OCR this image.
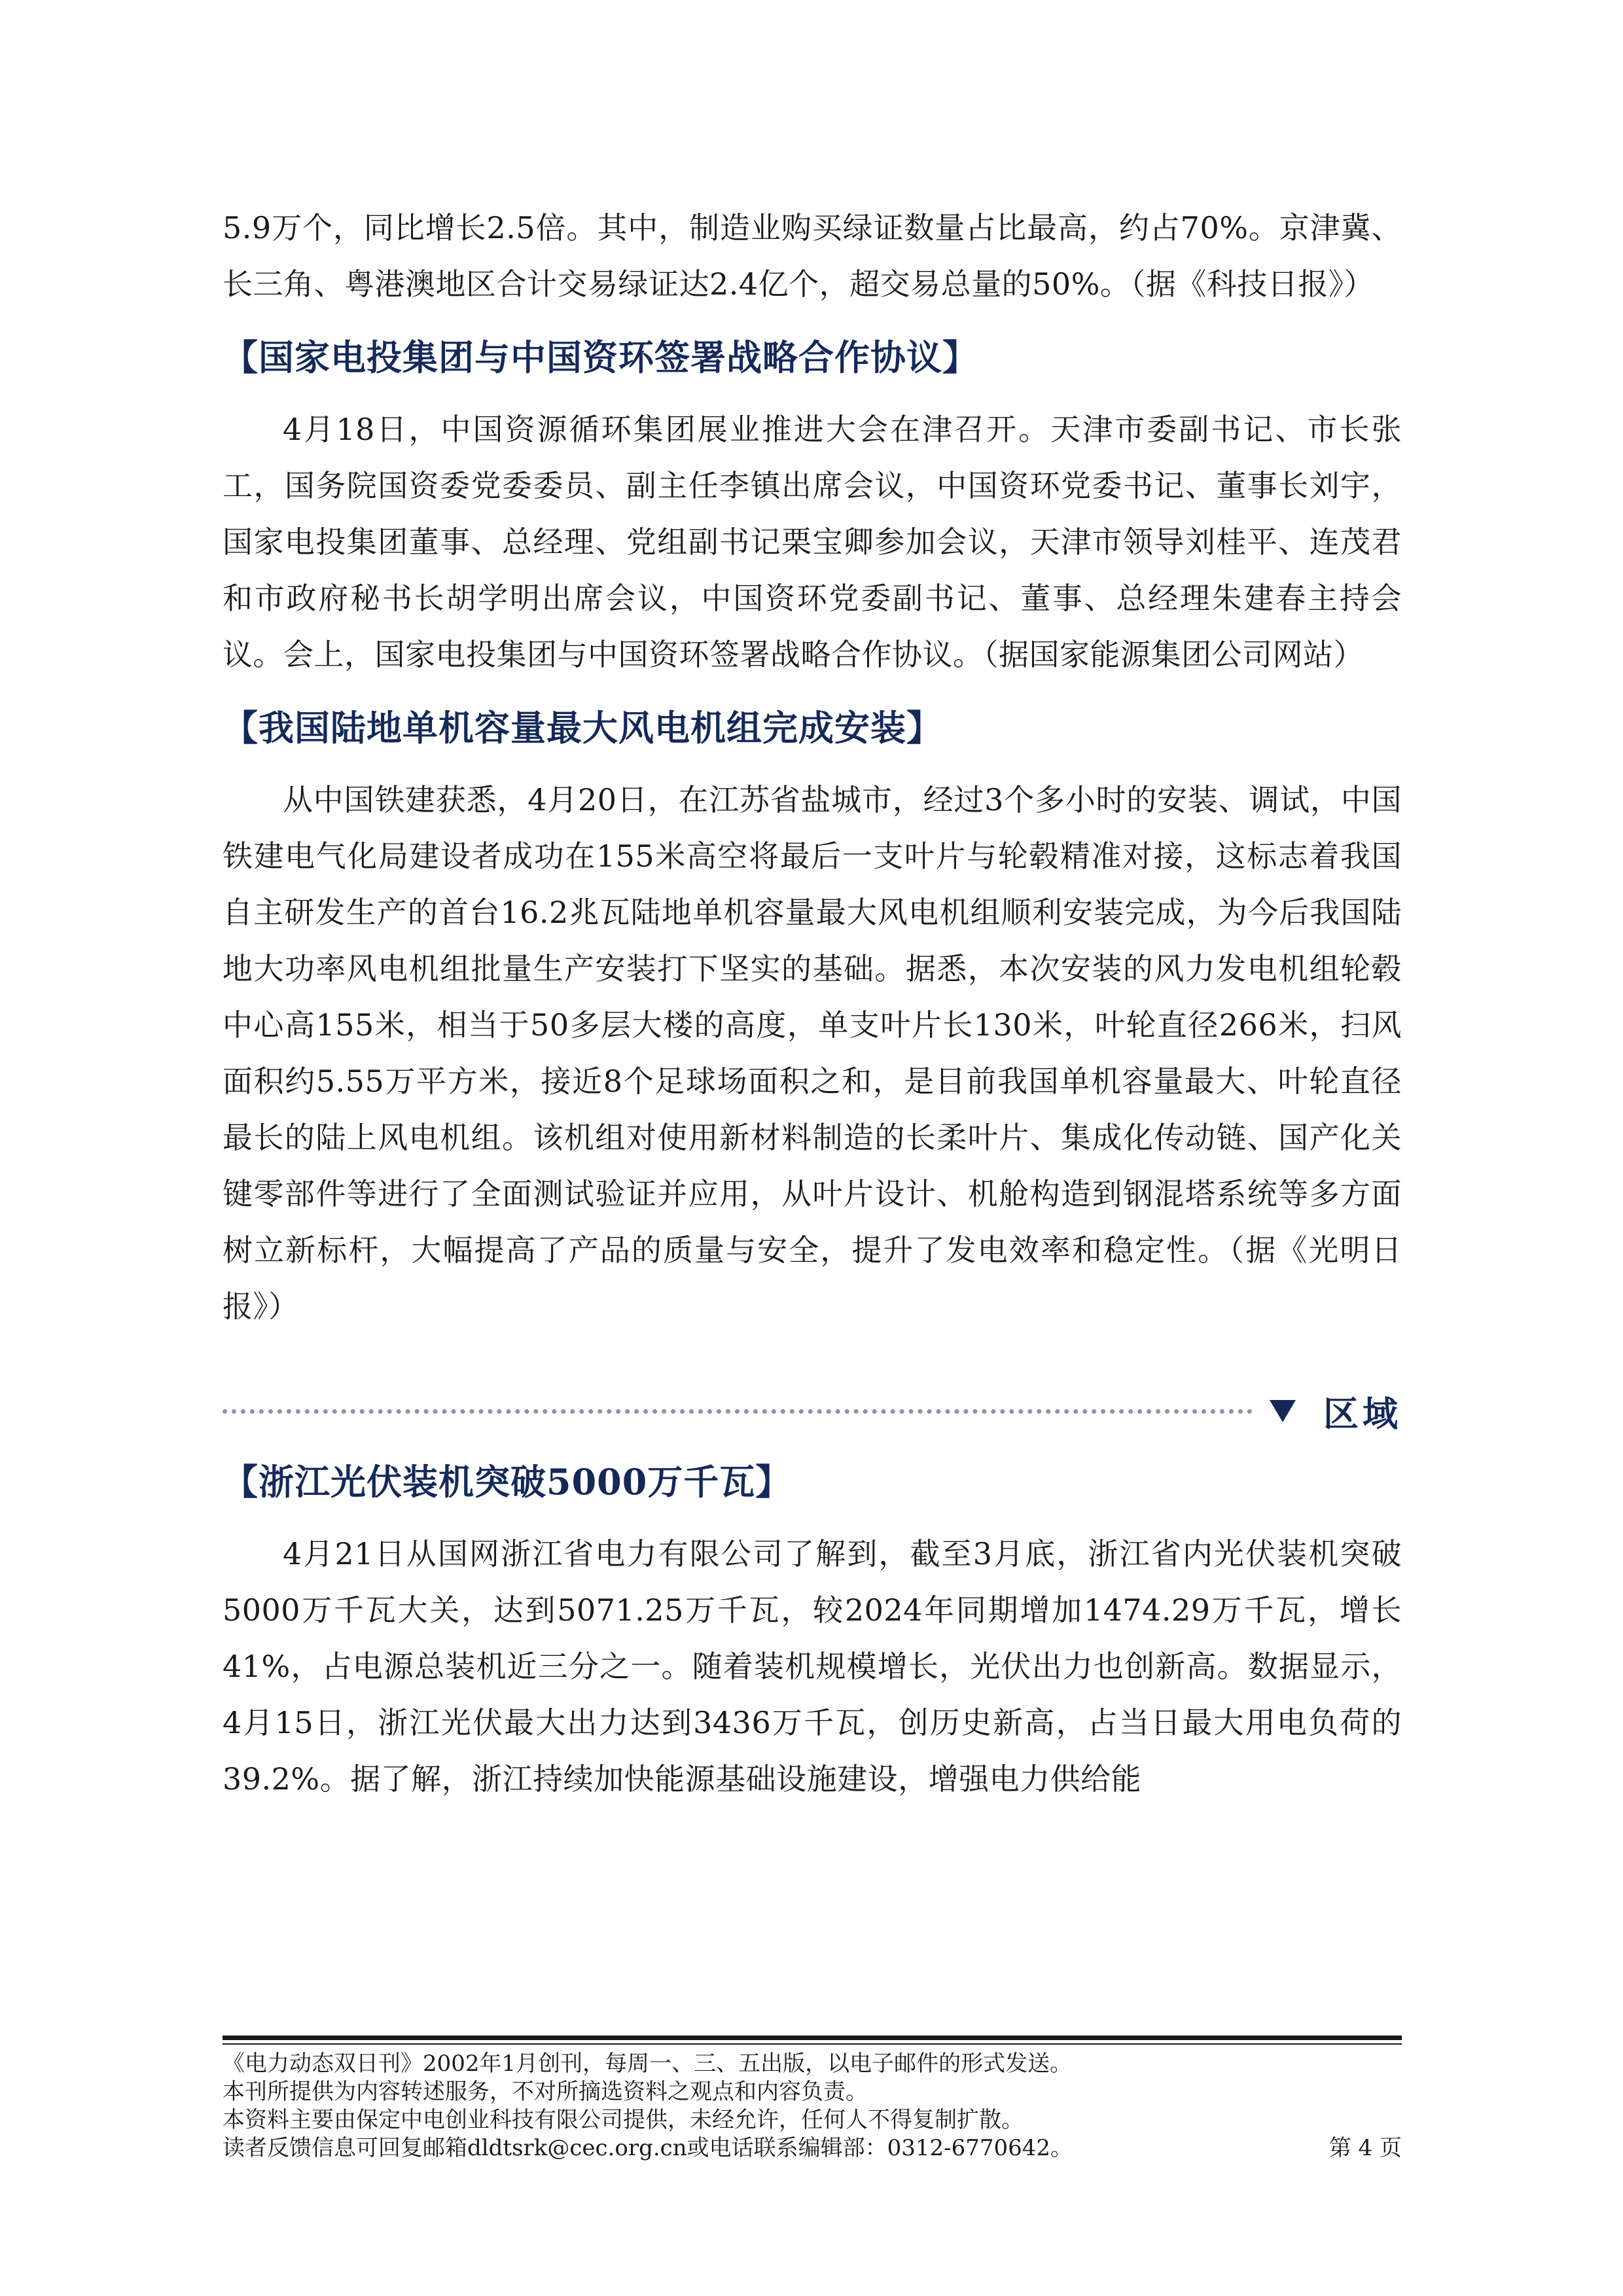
5.9万个，同比增长2.5倍。其中，制造业购买绿证数量占比最高，约占70%。京津冀、长三角、粤港澳地区合计交易绿证达2.4亿个，超交易总量的50%。（据《科技日报》）

【国家电投集团与中国资环签署战略合作协议】

4月18日，中国资源循环集团展业推进大会在津召开。天津市委副书记、市长张工，国务院国资委党委委员、副主任李镇出席会议，中国资环党委书记、董事长刘宇，国家电投集团董事、总经理、党组副书记栗宝卿参加会议，天津市领导刘桂平、连茂君和市政府秘书长胡学明出席会议，中国资环党委副书记、董事、总经理朱建春主持会议。会上，国家电投集团与中国资环签署战略合作协议。（据国家能源集团公司网站）

【我国陆地单机容量最大风电机组完成安装】

从中国铁建获悉，4月20日，在江苏省盐城市，经过3个多小时的安装、调试，中国铁建电气化局建设者成功在155米高空将最后一支叶片与轮毂精准对接，这标志着我国自主研发生产的首台16.2兆瓦陆地单机容量最大风电机组顺利安装完成，为今后我国陆地大功率风电机组批量生产安装打下坚实的基础。据悉，本次安装的风力发电机组轮毂中心高155米，相当于50多层大楼的高度，单支叶片长130米，叶轮直径266米，扫风面积约5.55万平方米，接近8个足球场面积之和，是目前我国单机容量最大、叶轮直径最长的陆上风电机组。该机组对使用新材料制造的长柔叶片、集成化传动链、国产化关键零部件等进行了全面测试验证并应用，从叶片设计、机舱构造到钢混塔系统等多方面树立新标杆，大幅提高了产品的质量与安全，提升了发电效率和稳定性。（据《光明日报》）

区域
【浙江光伏装机突破5000万千瓦】

4月21日从国网浙江省电力有限公司了解到，截至3月底，浙江省内光伏装机突破5000万千瓦大关，达到5071.25万千瓦，较2024年同期增加1474.29万千瓦，增长41%，占电源总装机近三分之一。随着装机规模增长，光伏出力也创新高。数据显示，4月15日，浙江光伏最大出力达到3436万千瓦，创历史新高，占当日最大用电负荷的39.2%。据了解，浙江持续加快能源基础设施建设，增强电力供给能

《电力动态双日刊》2002年1月创刊，每周一、三、五出版，以电子邮件的形式发送。
本刊所提供为内容转述服务，不对所摘选资料之观点和内容负责。
本资料主要由保定中电创业科技有限公司提供，未经允许，任何人不得复制扩散。
读者反馈信息可回复邮箱dldtsrk@cec.org.cn或电话联系编辑部：0312-6770642。	第 4 页
